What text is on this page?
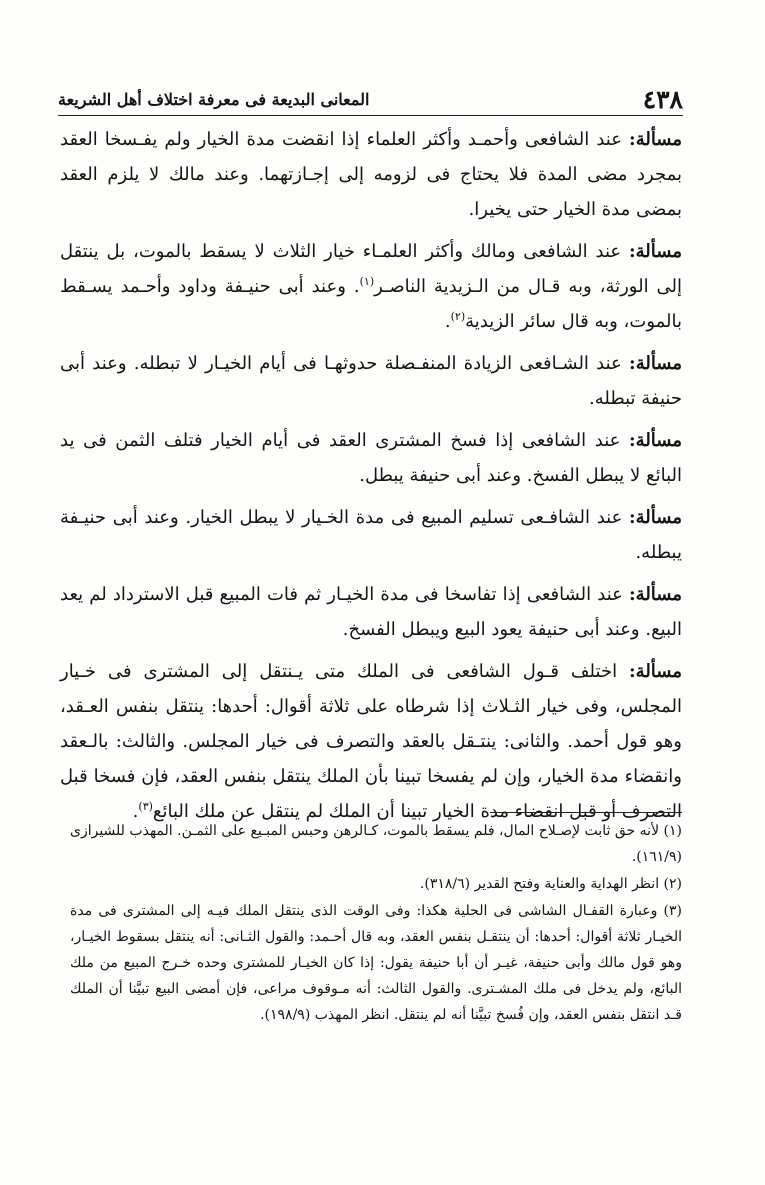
٤٣٨
المعانى البديعة فى معرفة اختلاف أهل الشريعة

مسألة: عند الشافعى وأحمـد وأكثر العلماء إذا انقضت مدة الخيار ولم يفـسخا العقد بمجرد مضى المدة فلا يحتاج فى لزومه إلى إجـازتهما. وعند مالك لا يلزم العقد بمضى مدة الخيار حتى يخيرا.

مسألة: عند الشافعى ومالك وأكثر العلمـاء خيار الثلاث لا يسقط بالموت، بل ينتقل إلى الورثة، وبه قـال من الـزيدية الناصـر$^{(١)}$. وعند أبى حنيـفة وداود وأحـمد يسـقط بالموت، وبه قال سائر الزيدية$^{(٢)}$.

مسألة: عند الشـافعى الزيادة المنفـصلة حدوثهـا فى أيام الخيـار لا تبطله. وعند أبى حنيفة تبطله.

مسألة: عند الشافعى إذا فسخ المشترى العقد فى أيام الخيار فتلف الثمن فى يد البائع لا يبطل الفسخ. وعند أبى حنيفة يبطل.

مسألة: عند الشافـعى تسليم المبيع فى مدة الخـيار لا يبطل الخيار. وعند أبى حنيـفة يبطله.

مسألة: عند الشافعى إذا تفاسخا فى مدة الخيـار ثم فات المبيع قبل الاسترداد لم يعد البيع. وعند أبى حنيفة يعود البيع ويبطل الفسخ.

مسألة: اختلف قـول الشافعى فى الملك متى يـنتقل إلى المشترى فى خـيار المجلس، وفى خيار الثـلاث إذا شرطاه على ثلاثة أقوال: أحدها: ينتقل بنفس العـقد، وهو قول أحمد. والثانى: ينتـقل بالعقد والتصرف فى خيار المجلس. والثالث: بالـعقد وانقضاء مدة الخيار، وإن لم يفسخا تبينا بأن الملك ينتقل بنفس العقد، فإن فسخا قبل التصرف أو قبل انقضاء مدة الخيار تبينا أن الملك لم ينتقل عن ملك البائع$^{(٣)}$.

(١) لأنه حق ثابت لإصـلاح المال، فلم يسقط بالموت، كـالرهن وحبس المبـيع على الثمـن. المهذب للشيرازى (١٦١/٩).

(٢) انظر الهداية والعناية وفتح القدير (٣١٨/٦).

(٣) وعبارة القفـال الشاشى فى الحلية هكذا: وفى الوقت الذى ينتقل الملك فيـه إلى المشترى فى مدة الخيـار ثلاثة أقوال: أحدها: أن ينتقـل بنفس العقد، وبه قال أحـمد: والقول الثـانى: أنه ينتقل بسقوط الخيـار، وهو قول مالك وأبى حنيفة، غيـر أن أبا حنيفة يقول: إذا كان الخيـار للمشترى وحده خـرج المبيع من ملك البائع، ولم يدخل فى ملك المشـترى. والقول الثالث: أنه مـوقوف مراعى، فإن أمضى البيع تبيَّنا أن الملك قـد انتقل بنفس العقد، وإن فُسخ تبيَّنا أنه لم ينتقل. انظر المهذب (١٩٨/٩).
